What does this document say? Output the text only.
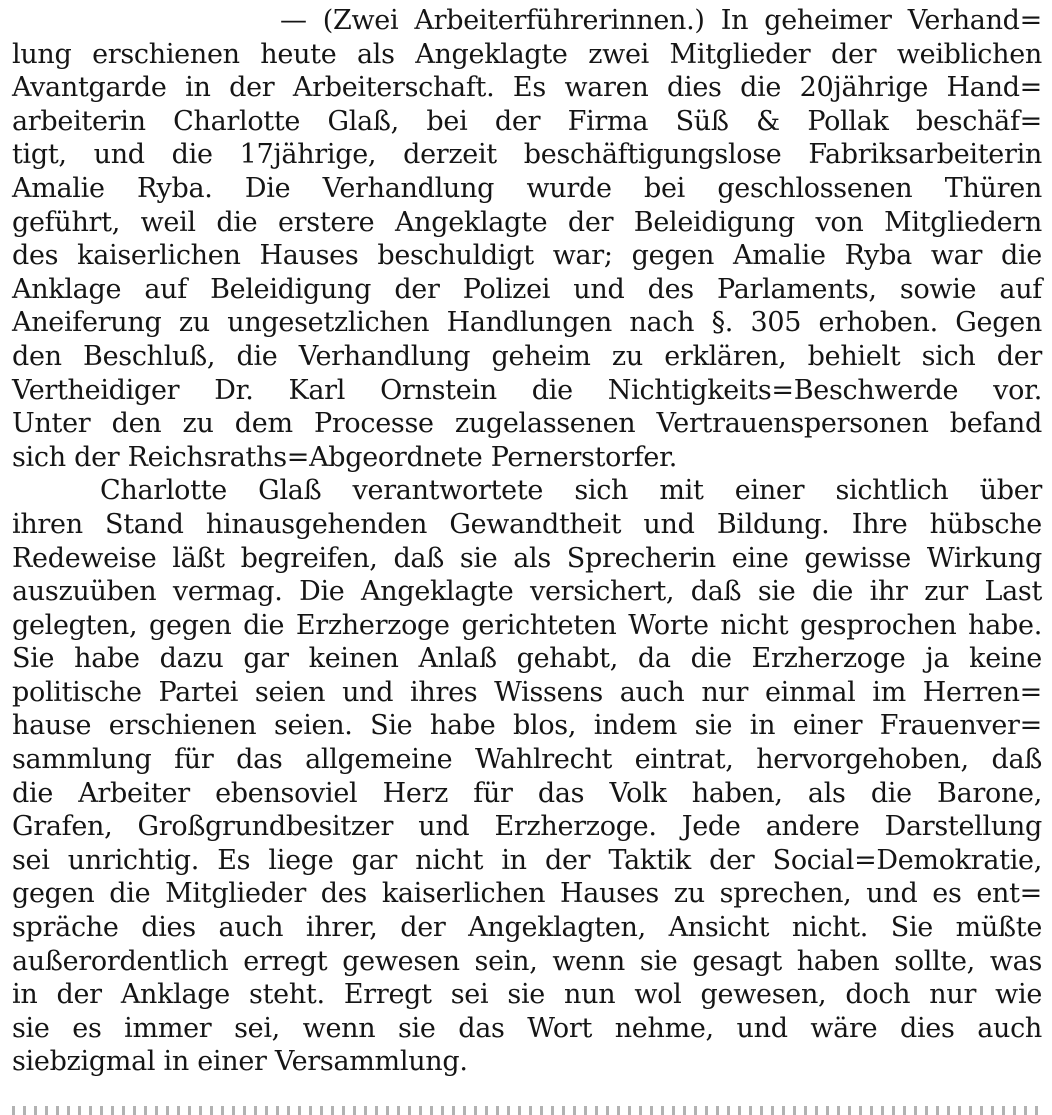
— (Zwei Arbeiterführerinnen.) In geheimer Verhand=
lung erschienen heute als Angeklagte zwei Mitglieder der weiblichen
Avantgarde in der Arbeiterschaft. Es waren dies die 20jährige Hand=
arbeiterin Charlotte Glaß, bei der Firma Süß & Pollak beschäf=
tigt, und die 17jährige, derzeit beschäftigungslose Fabriksarbeiterin
Amalie Ryba. Die Verhandlung wurde bei geschlossenen Thüren
geführt, weil die erstere Angeklagte der Beleidigung von Mitgliedern
des kaiserlichen Hauses beschuldigt war; gegen Amalie Ryba war die
Anklage auf Beleidigung der Polizei und des Parlaments, sowie auf
Aneiferung zu ungesetzlichen Handlungen nach §. 305 erhoben. Gegen
den Beschluß, die Verhandlung geheim zu erklären, behielt sich der
Vertheidiger Dr. Karl Ornstein die Nichtigkeits=Beschwerde vor.
Unter den zu dem Processe zugelassenen Vertrauenspersonen befand
sich der Reichsraths=Abgeordnete Pernerstorfer.
Charlotte Glaß verantwortete sich mit einer sichtlich über
ihren Stand hinausgehenden Gewandtheit und Bildung. Ihre hübsche
Redeweise läßt begreifen, daß sie als Sprecherin eine gewisse Wirkung
auszuüben vermag. Die Angeklagte versichert, daß sie die ihr zur Last
gelegten, gegen die Erzherzoge gerichteten Worte nicht gesprochen habe.
Sie habe dazu gar keinen Anlaß gehabt, da die Erzherzoge ja keine
politische Partei seien und ihres Wissens auch nur einmal im Herren=
hause erschienen seien. Sie habe blos, indem sie in einer Frauenver=
sammlung für das allgemeine Wahlrecht eintrat, hervorgehoben, daß
die Arbeiter ebensoviel Herz für das Volk haben, als die Barone,
Grafen, Großgrundbesitzer und Erzherzoge. Jede andere Darstellung
sei unrichtig. Es liege gar nicht in der Taktik der Social=Demokratie,
gegen die Mitglieder des kaiserlichen Hauses zu sprechen, und es ent=
spräche dies auch ihrer, der Angeklagten, Ansicht nicht. Sie müßte
außerordentlich erregt gewesen sein, wenn sie gesagt haben sollte, was
in der Anklage steht. Erregt sei sie nun wol gewesen, doch nur wie
sie es immer sei, wenn sie das Wort nehme, und wäre dies auch
siebzigmal in einer Versammlung.
